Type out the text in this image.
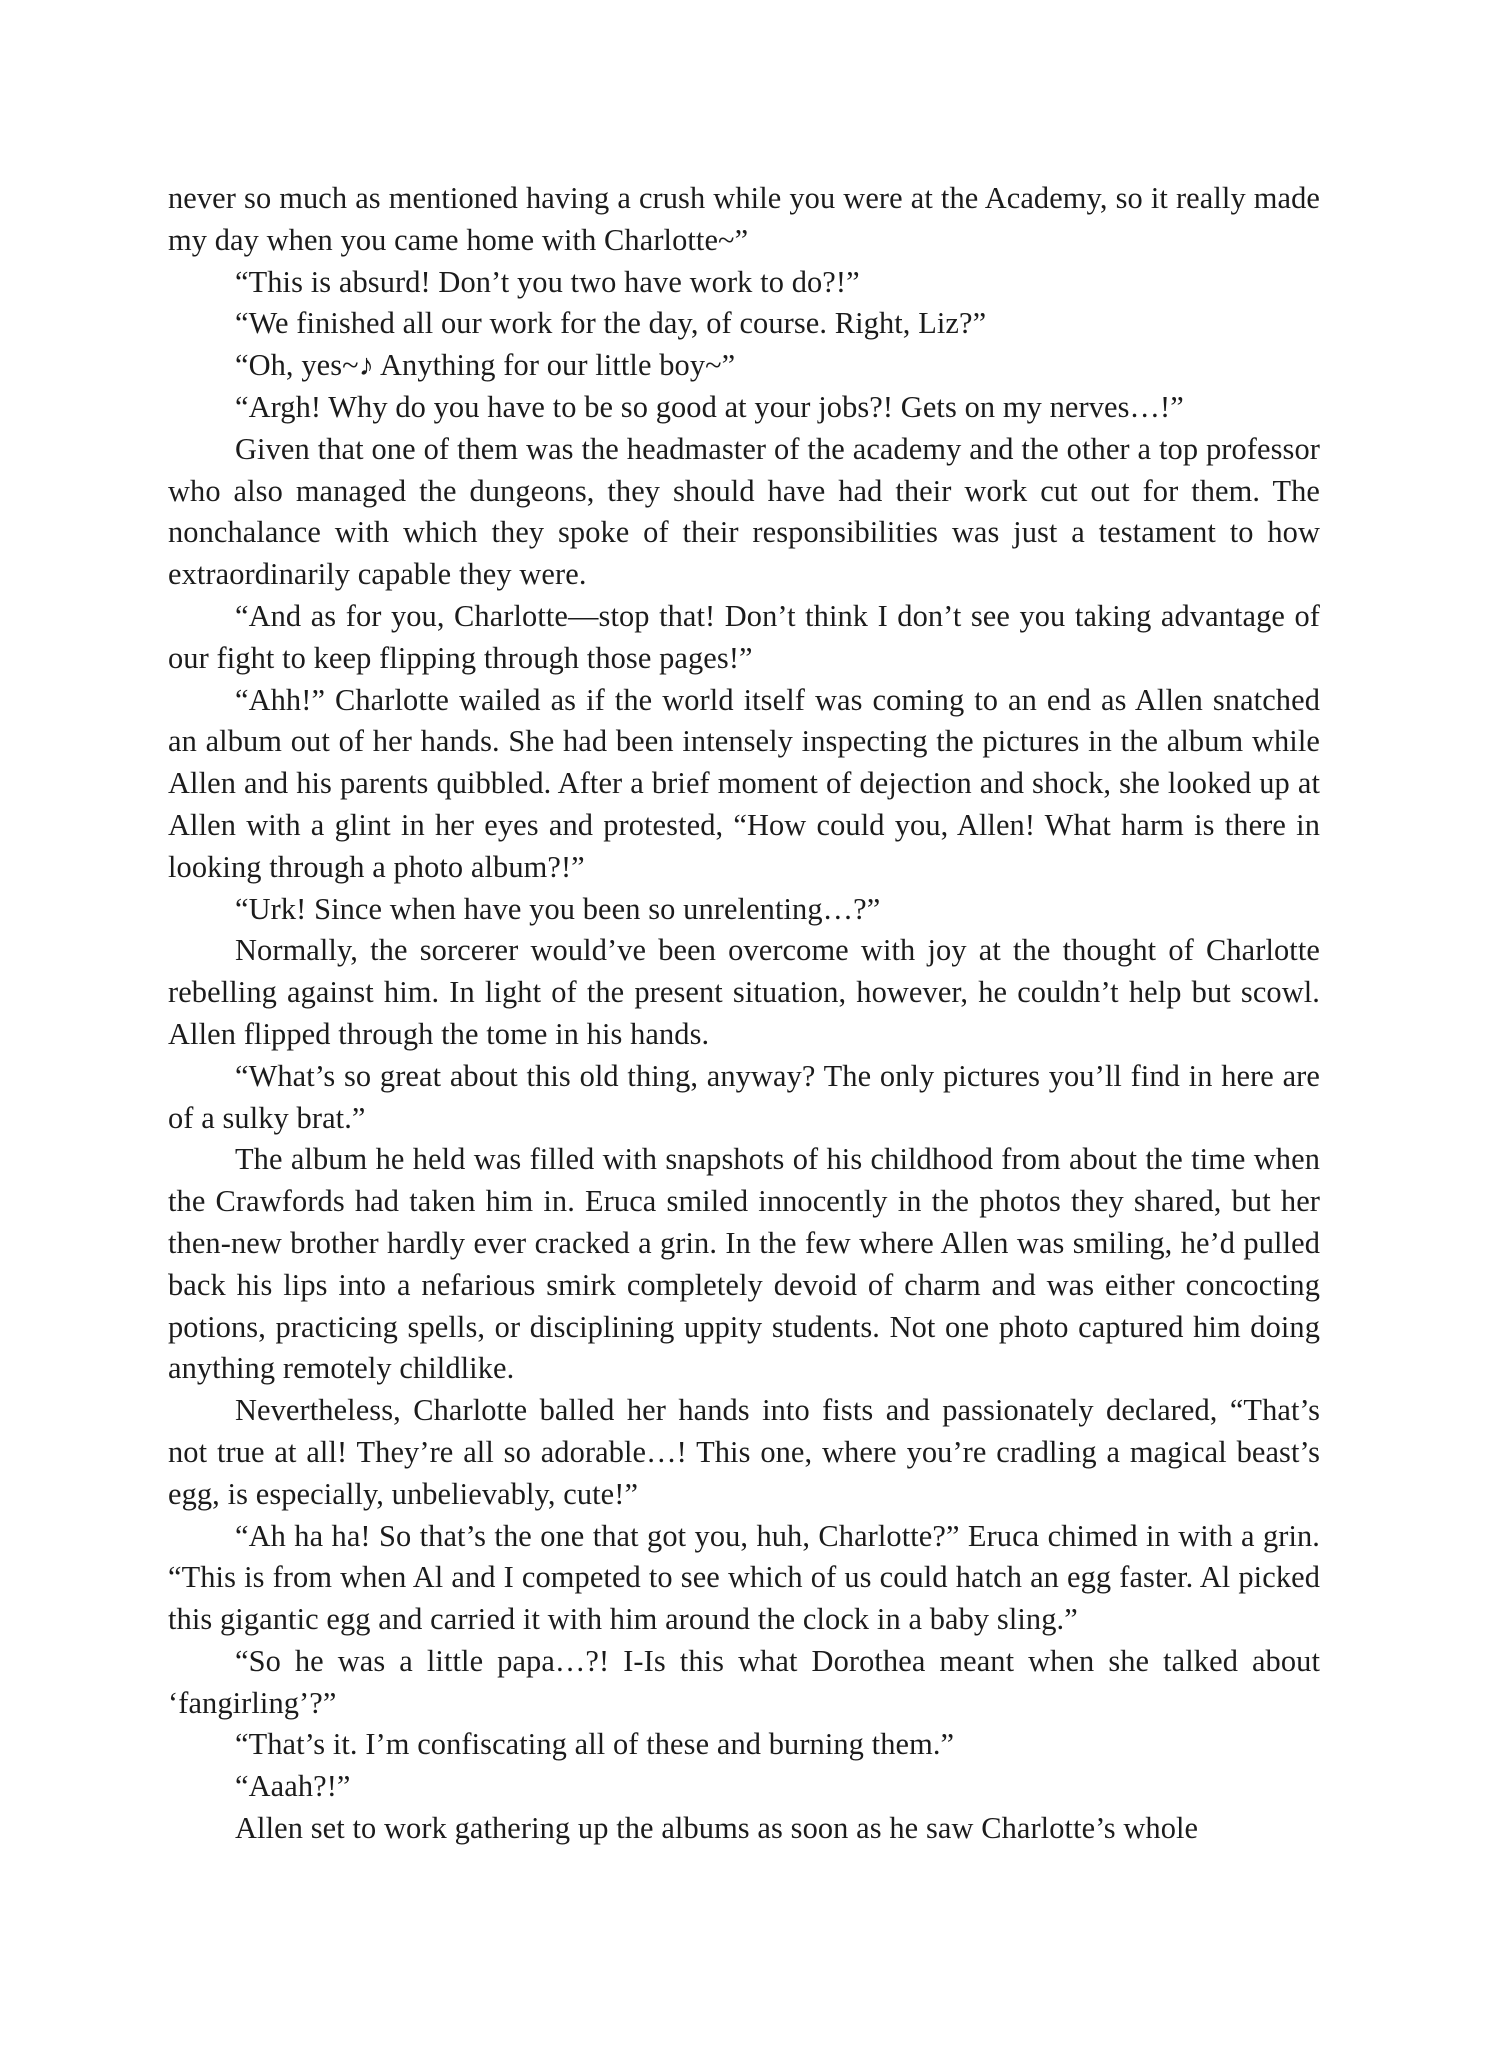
never so much as mentioned having a crush while you were at the Academy, so it really made my day when you came home with Charlotte~”

“This is absurd! Don’t you two have work to do?!”

“We finished all our work for the day, of course. Right, Liz?”

“Oh, yes~♪ Anything for our little boy~”

“Argh! Why do you have to be so good at your jobs?! Gets on my nerves…!”

Given that one of them was the headmaster of the academy and the other a top professor who also managed the dungeons, they should have had their work cut out for them. The nonchalance with which they spoke of their responsibilities was just a testament to how extraordinarily capable they were.

“And as for you, Charlotte—stop that! Don’t think I don’t see you taking advantage of our fight to keep flipping through those pages!”

“Ahh!” Charlotte wailed as if the world itself was coming to an end as Allen snatched an album out of her hands. She had been intensely inspecting the pictures in the album while Allen and his parents quibbled. After a brief moment of dejection and shock, she looked up at Allen with a glint in her eyes and protested, “How could you, Allen! What harm is there in looking through a photo album?!”

“Urk! Since when have you been so unrelenting…?”

Normally, the sorcerer would’ve been overcome with joy at the thought of Charlotte rebelling against him. In light of the present situation, however, he couldn’t help but scowl. Allen flipped through the tome in his hands.

“What’s so great about this old thing, anyway? The only pictures you’ll find in here are of a sulky brat.”

The album he held was filled with snapshots of his childhood from about the time when the Crawfords had taken him in. Eruca smiled innocently in the photos they shared, but her then-new brother hardly ever cracked a grin. In the few where Allen was smiling, he’d pulled back his lips into a nefarious smirk completely devoid of charm and was either concocting potions, practicing spells, or disciplining uppity students. Not one photo captured him doing anything remotely childlike.

Nevertheless, Charlotte balled her hands into fists and passionately declared, “That’s not true at all! They’re all so adorable…! This one, where you’re cradling a magical beast’s egg, is especially, unbelievably, cute!”

“Ah ha ha! So that’s the one that got you, huh, Charlotte?” Eruca chimed in with a grin. “This is from when Al and I competed to see which of us could hatch an egg faster. Al picked this gigantic egg and carried it with him around the clock in a baby sling.”

“So he was a little papa…?! I-Is this what Dorothea meant when she talked about ‘fangirling’?”

“That’s it. I’m confiscating all of these and burning them.”

“Aaah?!”

Allen set to work gathering up the albums as soon as he saw Charlotte’s whole
